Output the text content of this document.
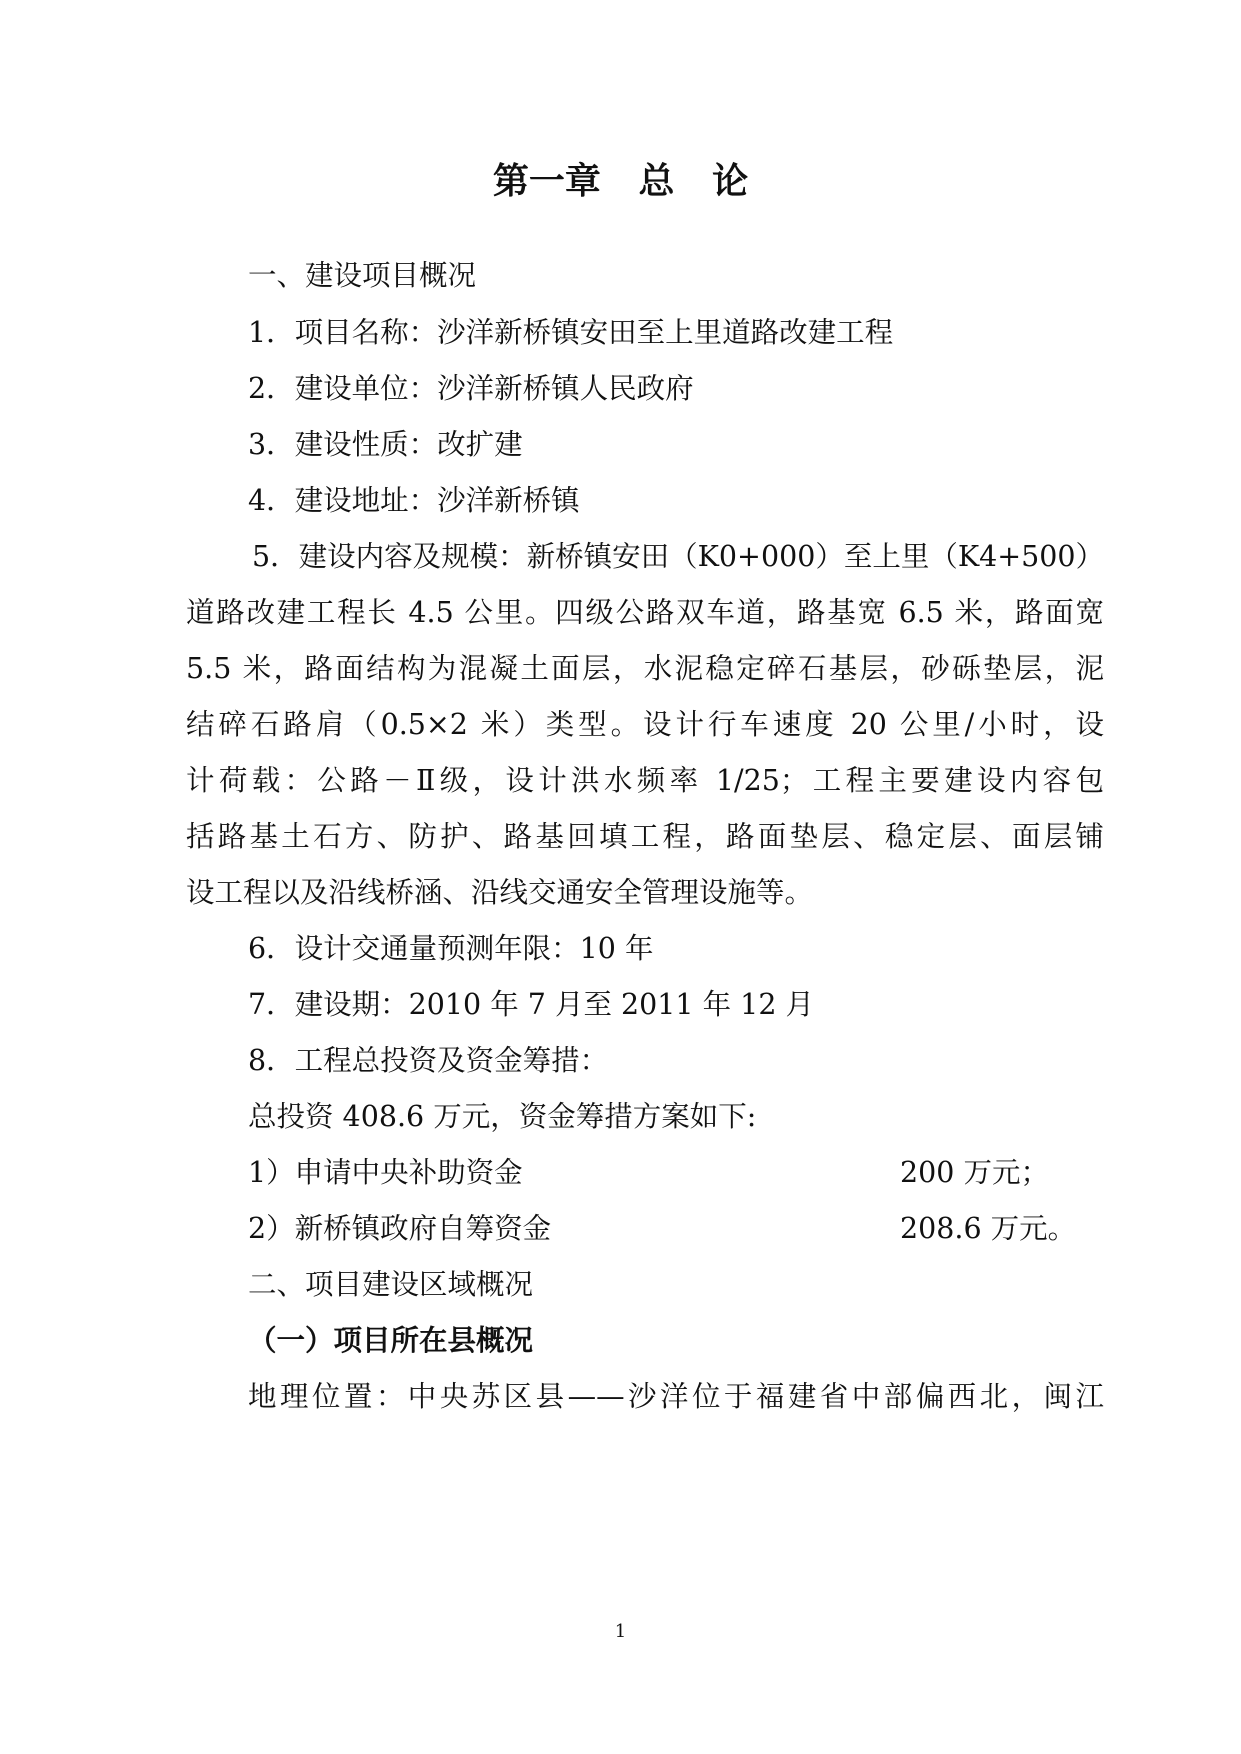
第一章   总   论
一、建设项目概况
1．项目名称：沙洋新桥镇安田至上里道路改建工程
2．建设单位：沙洋新桥镇人民政府
3．建设性质：改扩建
4．建设地址：沙洋新桥镇
5．建设内容及规模：新桥镇安田（K0+000）至上里（K4+500）
道路改建工程长 4.5 公里。四级公路双车道，路基宽 6.5 米，路面宽
5.5 米，路面结构为混凝土面层，水泥稳定碎石基层，砂砾垫层，泥
结碎石路肩（0.5×2 米）类型。设计行车速度 20 公里/小时，设
计荷载：公路－Ⅱ级，设计洪水频率 1/25；工程主要建设内容包
括路基土石方、防护、路基回填工程，路面垫层、稳定层、面层铺
设工程以及沿线桥涵、沿线交通安全管理设施等。
6．设计交通量预测年限：10 年
7．建设期：2010 年 7 月至 2011 年 12 月
8．工程总投资及资金筹措：
总投资 408.6 万元，资金筹措方案如下:
1）申请中央补助资金	200 万元；
2）新桥镇政府自筹资金	208.6 万元。
二、项目建设区域概况
（一）项目所在县概况
地理位置：中央苏区县——沙洋位于福建省中部偏西北，闽江
1
